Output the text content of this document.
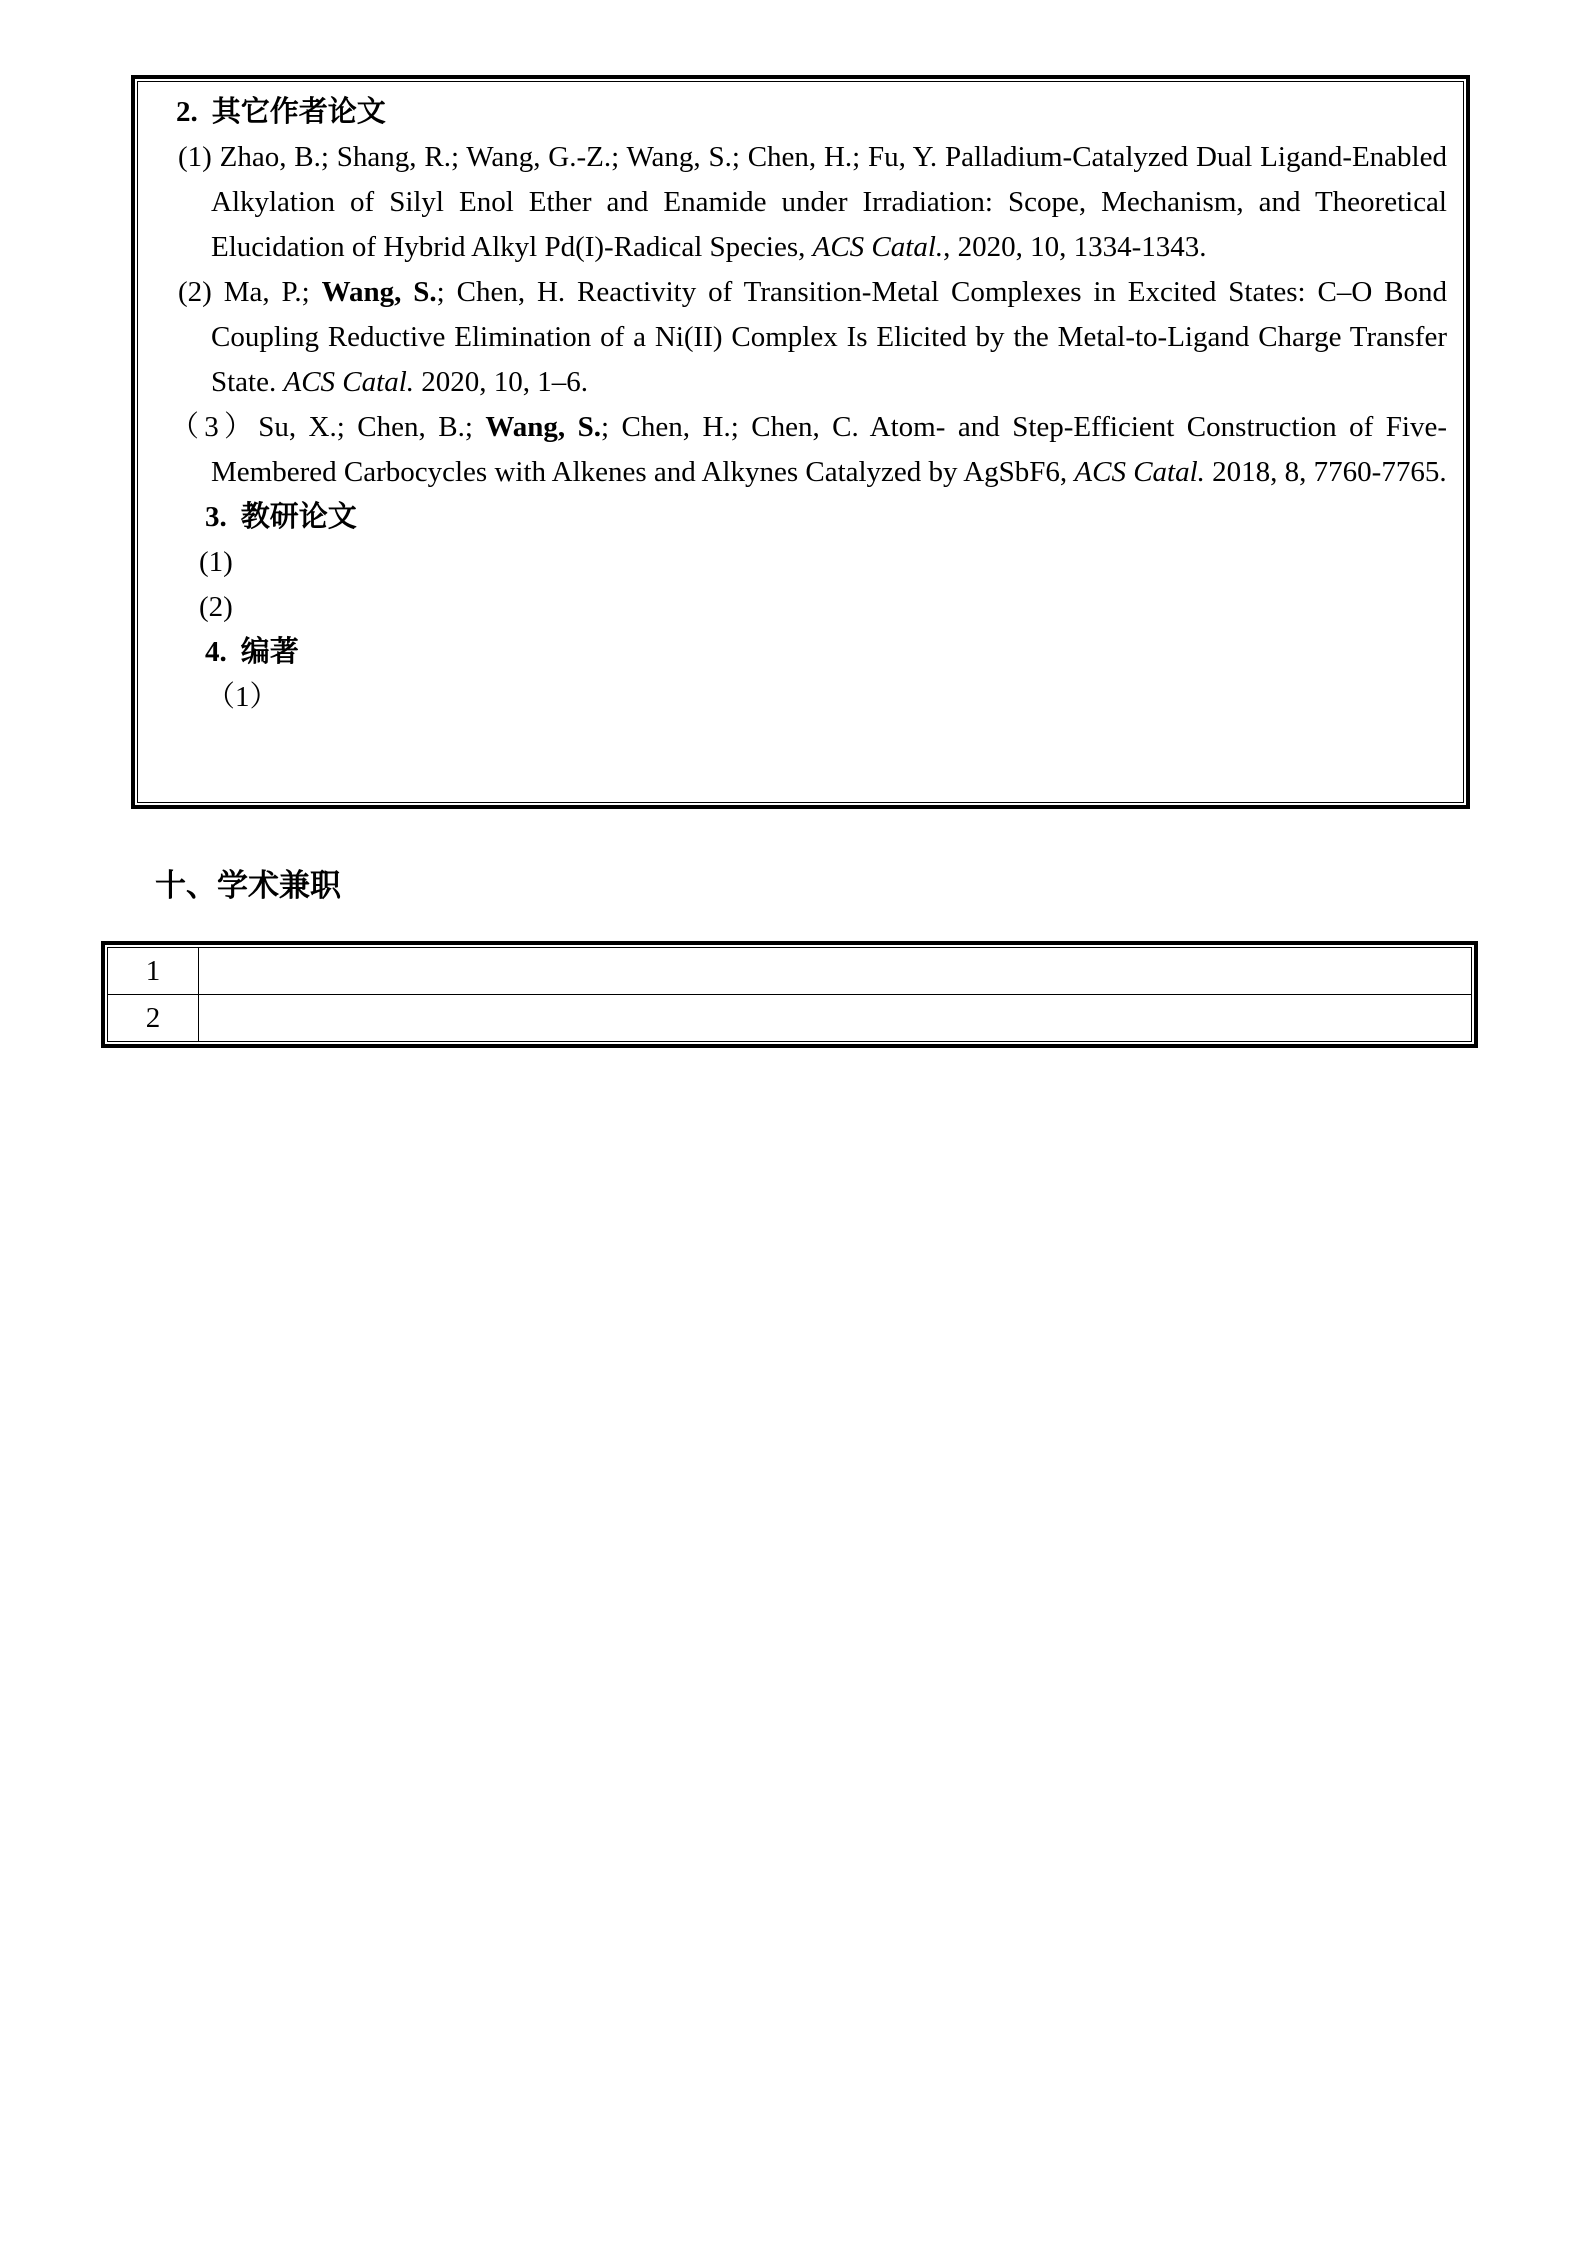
2. 其它作者论文

(1) Zhao, B.; Shang, R.; Wang, G.-Z.; Wang, S.; Chen, H.; Fu, Y. Palladium-Catalyzed Dual Ligand-Enabled Alkylation of Silyl Enol Ether and Enamide under Irradiation: Scope, Mechanism, and Theoretical Elucidation of Hybrid Alkyl Pd(I)-Radical Species, ACS Catal., 2020, 10, 1334-1343.

(2) Ma, P.; Wang, S.; Chen, H. Reactivity of Transition-Metal Complexes in Excited States: C–O Bond Coupling Reductive Elimination of a Ni(II) Complex Is Elicited by the Metal-to-Ligand Charge Transfer State. ACS Catal. 2020, 10, 1–6.

（3）Su, X.; Chen, B.; Wang, S.; Chen, H.; Chen, C. Atom- and Step-Efficient Construction of Five-Membered Carbocycles with Alkenes and Alkynes Catalyzed by AgSbF6, ACS Catal. 2018, 8, 7760-7765.

3. 教研论文
(1)
(2)
4. 编著
（1）
十、学术兼职
1
2
